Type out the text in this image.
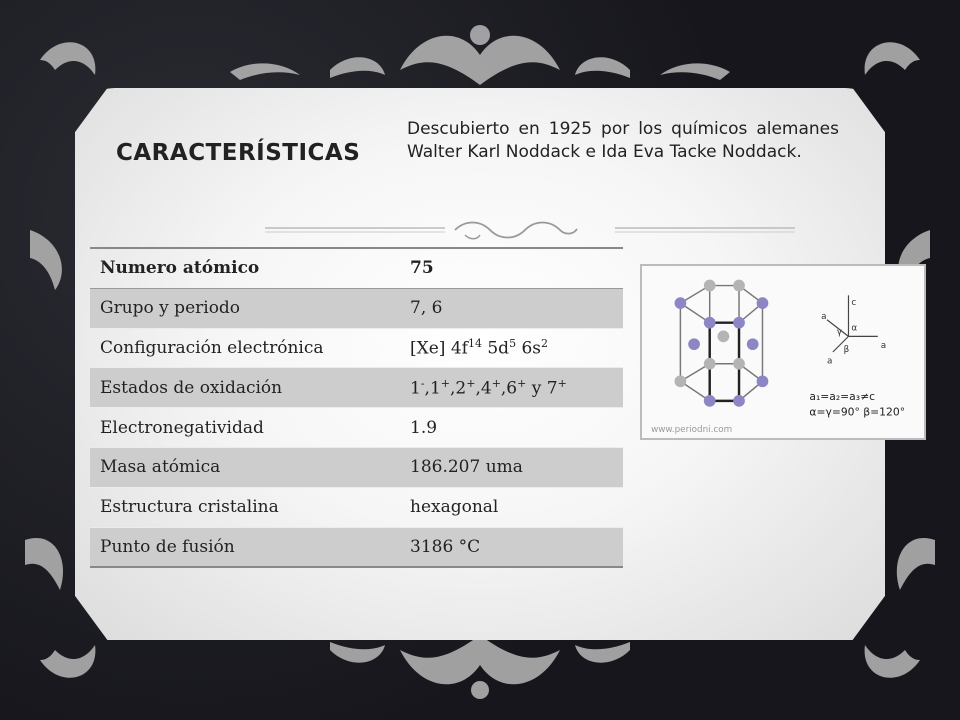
CARACTERÍSTICAS
Descubierto en 1925 por los químicos alemanes Walter Karl Noddack e Ida Eva Tacke Noddack.
Numero atómico	75
Grupo y periodo	7, 6
Configuración electrónica	[Xe] $4f^{14}$ $5d^5$ $6s^2$
Estados de oxidación	1-,1+,2+,4+,6+ y 7+
Electronegatividad	1.9
Masa atómica	186.207 uma
Estructura cristalina	hexagonal
Punto de fusión	3186 °C
c
a
a
a
α
β
γ
a₁=a₂=a₃≠c
α=γ=90° β=120°
www.periodni.com
